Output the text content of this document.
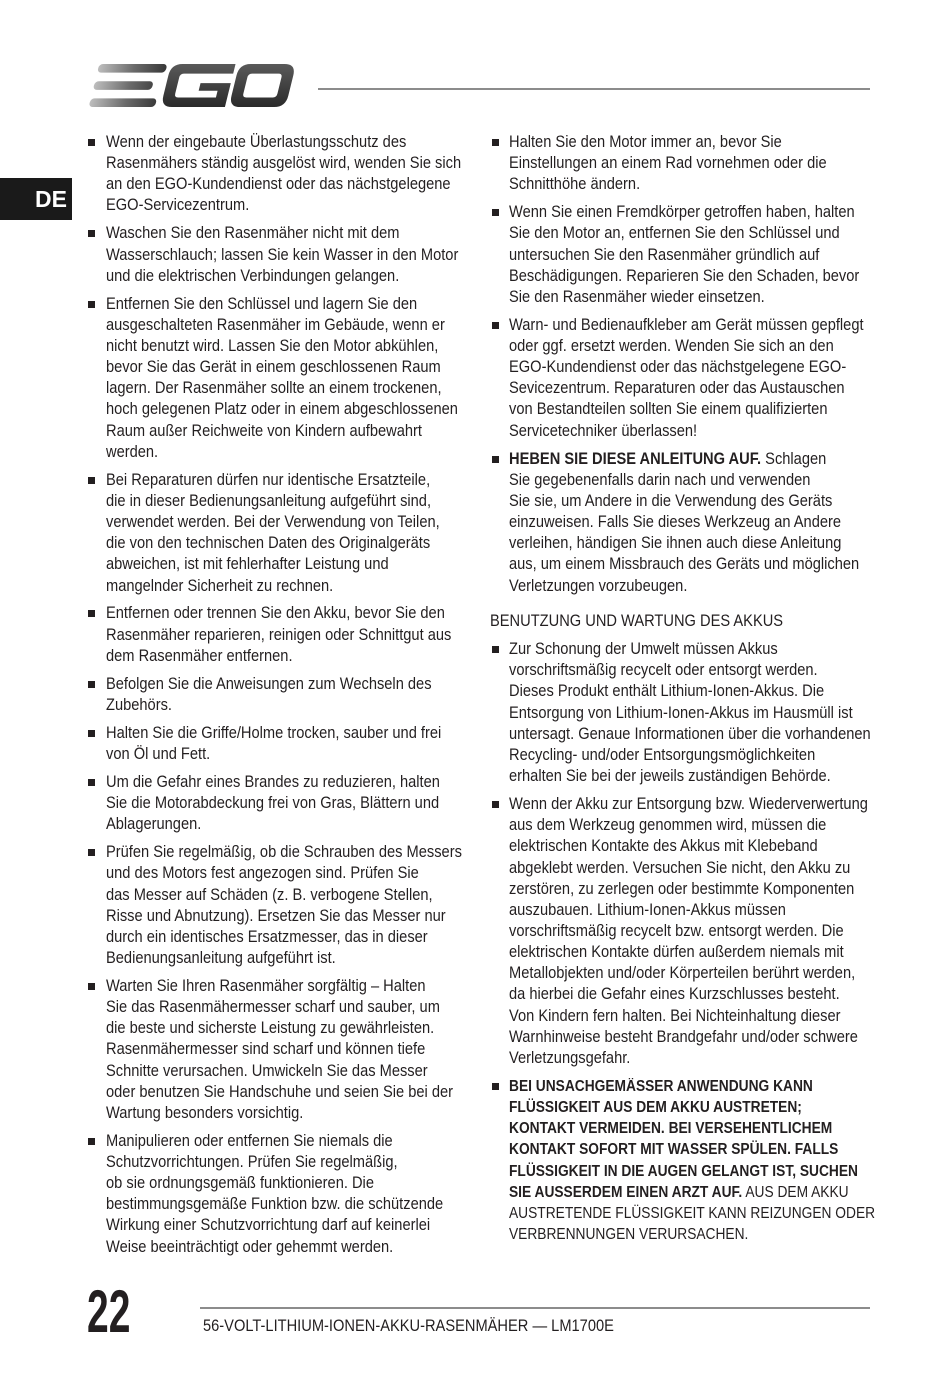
DE
Wenn der eingebaute Überlastungsschutz des
Rasenmähers ständig ausgelöst wird, wenden Sie sich
an den EGO-Kundendienst oder das nächstgelegene
EGO-Servicezentrum.
Waschen Sie den Rasenmäher nicht mit dem
Wasserschlauch; lassen Sie kein Wasser in den Motor
und die elektrischen Verbindungen gelangen.
Entfernen Sie den Schlüssel und lagern Sie den
ausgeschalteten Rasenmäher im Gebäude, wenn er
nicht benutzt wird. Lassen Sie den Motor abkühlen,
bevor Sie das Gerät in einem geschlossenen Raum
lagern. Der Rasenmäher sollte an einem trockenen,
hoch gelegenen Platz oder in einem abgeschlossenen
Raum außer Reichweite von Kindern aufbewahrt
werden.
Bei Reparaturen dürfen nur identische Ersatzteile,
die in dieser Bedienungsanleitung aufgeführt sind,
verwendet werden. Bei der Verwendung von Teilen,
die von den technischen Daten des Originalgeräts
abweichen, ist mit fehlerhafter Leistung und
mangelnder Sicherheit zu rechnen.
Entfernen oder trennen Sie den Akku, bevor Sie den
Rasenmäher reparieren, reinigen oder Schnittgut aus
dem Rasenmäher entfernen.
Befolgen Sie die Anweisungen zum Wechseln des
Zubehörs.
Halten Sie die Griffe/Holme trocken, sauber und frei
von Öl und Fett.
Um die Gefahr eines Brandes zu reduzieren, halten
Sie die Motorabdeckung frei von Gras, Blättern und
Ablagerungen.
Prüfen Sie regelmäßig, ob die Schrauben des Messers
und des Motors fest angezogen sind. Prüfen Sie
das Messer auf Schäden (z. B. verbogene Stellen,
Risse und Abnutzung). Ersetzen Sie das Messer nur
durch ein identisches Ersatzmesser, das in dieser
Bedienungsanleitung aufgeführt ist.
Warten Sie Ihren Rasenmäher sorgfältig – Halten
Sie das Rasenmähermesser scharf und sauber, um
die beste und sicherste Leistung zu gewährleisten.
Rasenmähermesser sind scharf und können tiefe
Schnitte verursachen. Umwickeln Sie das Messer
oder benutzen Sie Handschuhe und seien Sie bei der
Wartung besonders vorsichtig.
Manipulieren oder entfernen Sie niemals die
Schutzvorrichtungen. Prüfen Sie regelmäßig,
ob sie ordnungsgemäß funktionieren. Die
bestimmungsgemäße Funktion bzw. die schützende
Wirkung einer Schutzvorrichtung darf auf keinerlei
Weise beeinträchtigt oder gehemmt werden.
Halten Sie den Motor immer an, bevor Sie
Einstellungen an einem Rad vornehmen oder die
Schnitthöhe ändern.
Wenn Sie einen Fremdkörper getroffen haben, halten
Sie den Motor an, entfernen Sie den Schlüssel und
untersuchen Sie den Rasenmäher gründlich auf
Beschädigungen. Reparieren Sie den Schaden, bevor
Sie den Rasenmäher wieder einsetzen.
Warn- und Bedienaufkleber am Gerät müssen gepflegt
oder ggf. ersetzt werden. Wenden Sie sich an den
EGO-Kundendienst oder das nächstgelegene EGO-
Sevicezentrum. Reparaturen oder das Austauschen
von Bestandteilen sollten Sie einem qualifizierten
Servicetechniker überlassen!
HEBEN SIE DIESE ANLEITUNG AUF. Schlagen
Sie gegebenenfalls darin nach und verwenden
Sie sie, um Andere in die Verwendung des Geräts
einzuweisen. Falls Sie dieses Werkzeug an Andere
verleihen, händigen Sie ihnen auch diese Anleitung
aus, um einem Missbrauch des Geräts und möglichen
Verletzungen vorzubeugen.
BENUTZUNG UND WARTUNG DES AKKUS
Zur Schonung der Umwelt müssen Akkus
vorschriftsmäßig recycelt oder entsorgt werden.
Dieses Produkt enthält Lithium-Ionen-Akkus. Die
Entsorgung von Lithium-Ionen-Akkus im Hausmüll ist
untersagt. Genaue Informationen über die vorhandenen
Recycling- und/oder Entsorgungsmöglichkeiten
erhalten Sie bei der jeweils zuständigen Behörde.
Wenn der Akku zur Entsorgung bzw. Wiederverwertung
aus dem Werkzeug genommen wird, müssen die
elektrischen Kontakte des Akkus mit Klebeband
abgeklebt werden. Versuchen Sie nicht, den Akku zu
zerstören, zu zerlegen oder bestimmte Komponenten
auszubauen. Lithium-Ionen-Akkus müssen
vorschriftsmäßig recycelt bzw. entsorgt werden. Die
elektrischen Kontakte dürfen außerdem niemals mit
Metallobjekten und/oder Körperteilen berührt werden,
da hierbei die Gefahr eines Kurzschlusses besteht.
Von Kindern fern halten. Bei Nichteinhaltung dieser
Warnhinweise besteht Brandgefahr und/oder schwere
Verletzungsgefahr.
BEI UNSACHGEMÄSSER ANWENDUNG KANN
FLÜSSIGKEIT AUS DEM AKKU AUSTRETEN;
KONTAKT VERMEIDEN. BEI VERSEHENTLICHEM
KONTAKT SOFORT MIT WASSER SPÜLEN. FALLS
FLÜSSIGKEIT IN DIE AUGEN GELANGT IST, SUCHEN
SIE AUSSERDEM EINEN ARZT AUF. AUS DEM AKKU
AUSTRETENDE FLÜSSIGKEIT KANN REIZUNGEN ODER
VERBRENNUNGEN VERURSACHEN.
22	56-VOLT-LITHIUM-IONEN-AKKU-RASENMÄHER — LM1700E
